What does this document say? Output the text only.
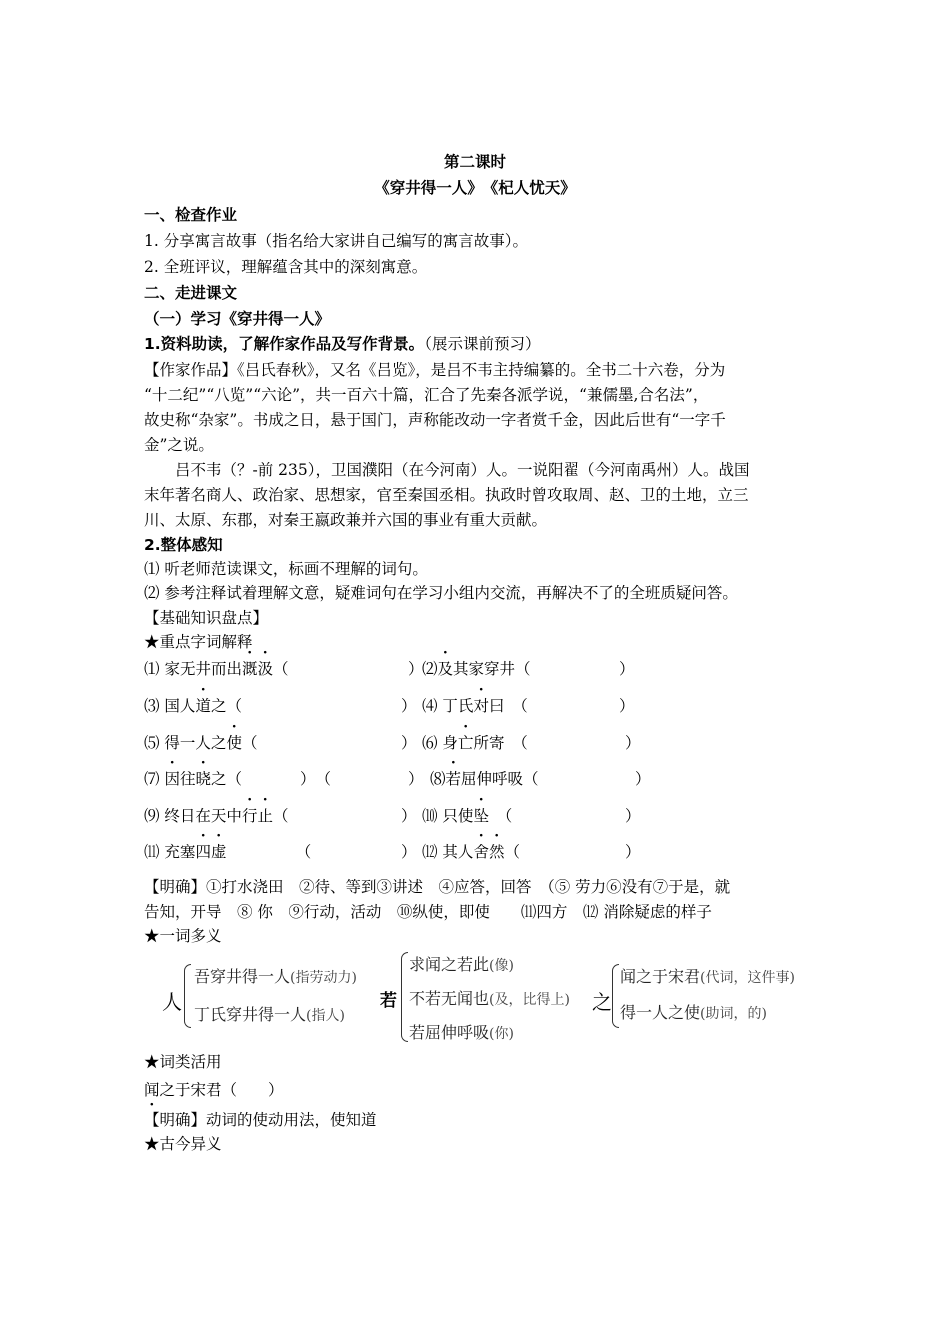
第二课时
《穿井得一人》　《杞人忧天》
一、检查作业
1. 分享寓言故事（指名给大家讲自己编写的寓言故事）。
2. 全班评议，理解蕴含其中的深刻寓意。
二、走进课文
（一）学习《穿井得一人》
1.资料助读，了解作家作品及写作背景。（展示课前预习）
【作家作品】《吕氏春秋》，又名《吕览》，是吕不韦主持编纂的。全书二十六卷，分为
“十二纪”“八览”“六论”，共一百六十篇，汇合了先秦各派学说，“兼儒墨,合名法”，
故史称“杂家”。书成之日，悬于国门，声称能改动一字者赏千金，因此后世有“一字千
金”之说。
　　吕不韦（？-前 235），卫国濮阳（在今河南）人。一说阳翟（今河南禹州）人。战国
末年著名商人、政治家、思想家，官至秦国丞相。执政时曾攻取周、赵、卫的土地，立三
川、太原、东郡，对秦王嬴政兼并六国的事业有重大贡献。
2.整体感知
⑴ 听老师范读课文，标画不理解的词句。
⑵ 参考注释试着理解文意，疑难词句在学习小组内交流，再解决不了的全班质疑问答。
【基础知识盘点】
★重点字词解释
⑴ 家无井而出溉汲（	）
⑵及其家穿井（	）
⑶ 国人道之（	） ⑷ 丁氏对曰　（	）
⑸ 得一人之使（	） ⑹ 身亡所寄　（	）
⑺ 因往晓之（	）　（	） ⑻若屈伸呼吸（	）
⑼ 终日在天中行止（	） ⑽ 只使坠　（	）
⑾ 充塞四虚	　（	） ⑿ 其人舍然（	）
【明确】①打水浇田　②待、等到③讲述　④应答，回答　（⑤ 劳力⑥没有⑦于是，就
告知，开导　⑧ 你　⑨行动，活动　⑩纵使，即使　　⑾四方　⑿ 消除疑虑的样子
★一词多义
人
吾穿井得一人(指劳动力)
丁氏穿井得一人(指人)
若
求闻之若此(像)
不若无闻也(及，比得上)
若屈伸呼吸(你)
之
闻之于宋君(代词，这件事)
得一人之使(助词，的)
★词类活用
闻之于宋君（　　）
【明确】动词的使动用法，使知道
★古今异义
